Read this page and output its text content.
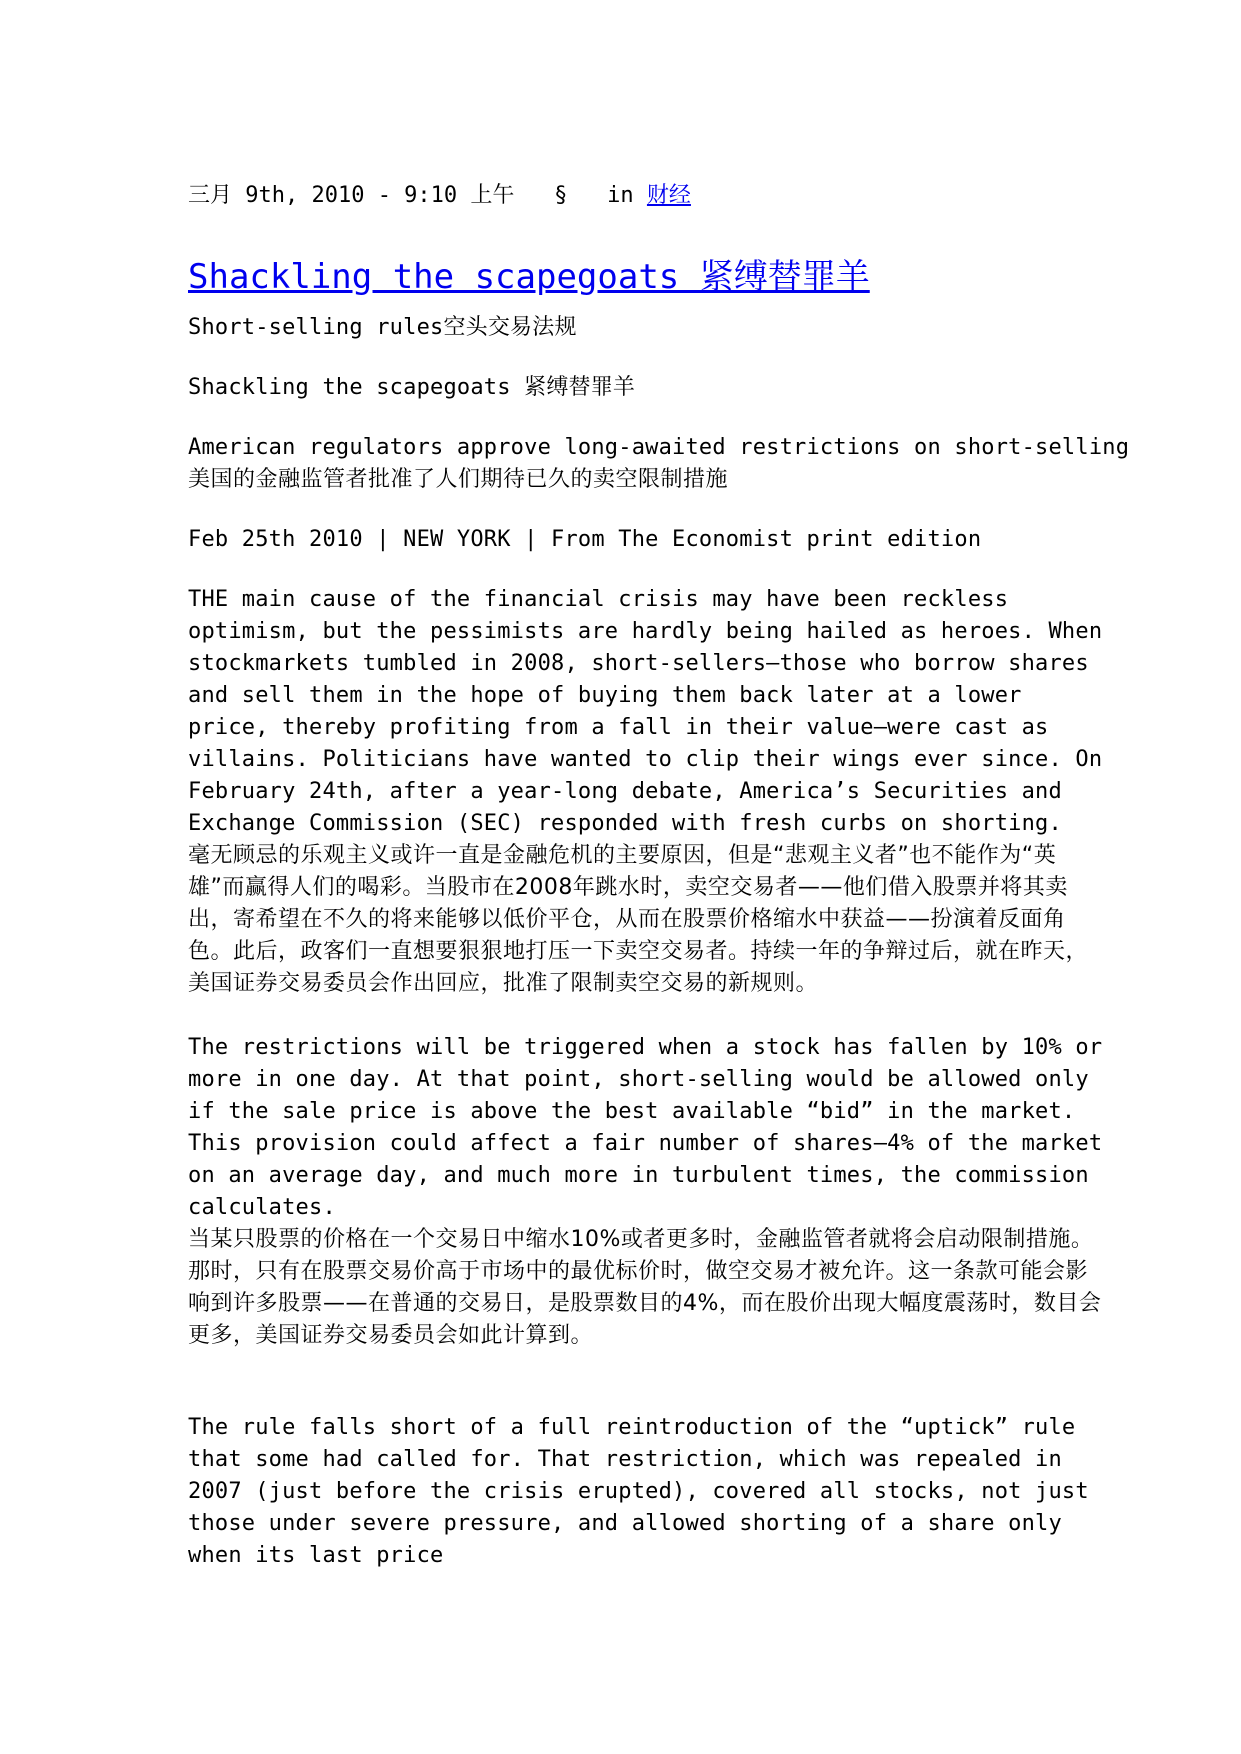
三月 9th, 2010 - 9:10 上午 § in 财经
Shackling the scapegoats 紧缚替罪羊
Short-selling rules空头交易法规
Shackling the scapegoats 紧缚替罪羊
American regulators approve long-awaited restrictions on short-selling
美国的金融监管者批准了人们期待已久的卖空限制措施
Feb 25th 2010 | NEW YORK | From The Economist print edition
THE main cause of the financial crisis may have been reckless optimism, but the pessimists are hardly being hailed as heroes. When stockmarkets tumbled in 2008, short-sellers—those who borrow shares and sell them in the hope of buying them back later at a lower price, thereby profiting from a fall in their value—were cast as villains. Politicians have wanted to clip their wings ever since. On February 24th, after a year-long debate, America’s Securities and Exchange Commission (SEC) responded with fresh curbs on shorting.
毫无顾忌的乐观主义或许一直是金融危机的主要原因，但是“悲观主义者”也不能作为“英雄”而赢得人们的喝彩。当股市在2008年跳水时，卖空交易者——他们借入股票并将其卖出，寄希望在不久的将来能够以低价平仓，从而在股票价格缩水中获益——扮演着反面角色。此后，政客们一直想要狠狠地打压一下卖空交易者。持续一年的争辩过后，就在昨天，美国证券交易委员会作出回应，批准了限制卖空交易的新规则。
The restrictions will be triggered when a stock has fallen by 10% or more in one day. At that point, short-selling would be allowed only if the sale price is above the best available “bid” in the market. This provision could affect a fair number of shares—4% of the market on an average day, and much more in turbulent times, the commission calculates.
当某只股票的价格在一个交易日中缩水10%或者更多时，金融监管者就将会启动限制措施。那时，只有在股票交易价高于市场中的最优标价时，做空交易才被允许。这一条款可能会影响到许多股票——在普通的交易日，是股票数目的4%，而在股价出现大幅度震荡时，数目会更多，美国证券交易委员会如此计算到。
The rule falls short of a full reintroduction of the “uptick” rule that some had called for. That restriction, which was repealed in 2007 (just before the crisis erupted), covered all stocks, not just those under severe pressure, and allowed shorting of a share only when its last price
